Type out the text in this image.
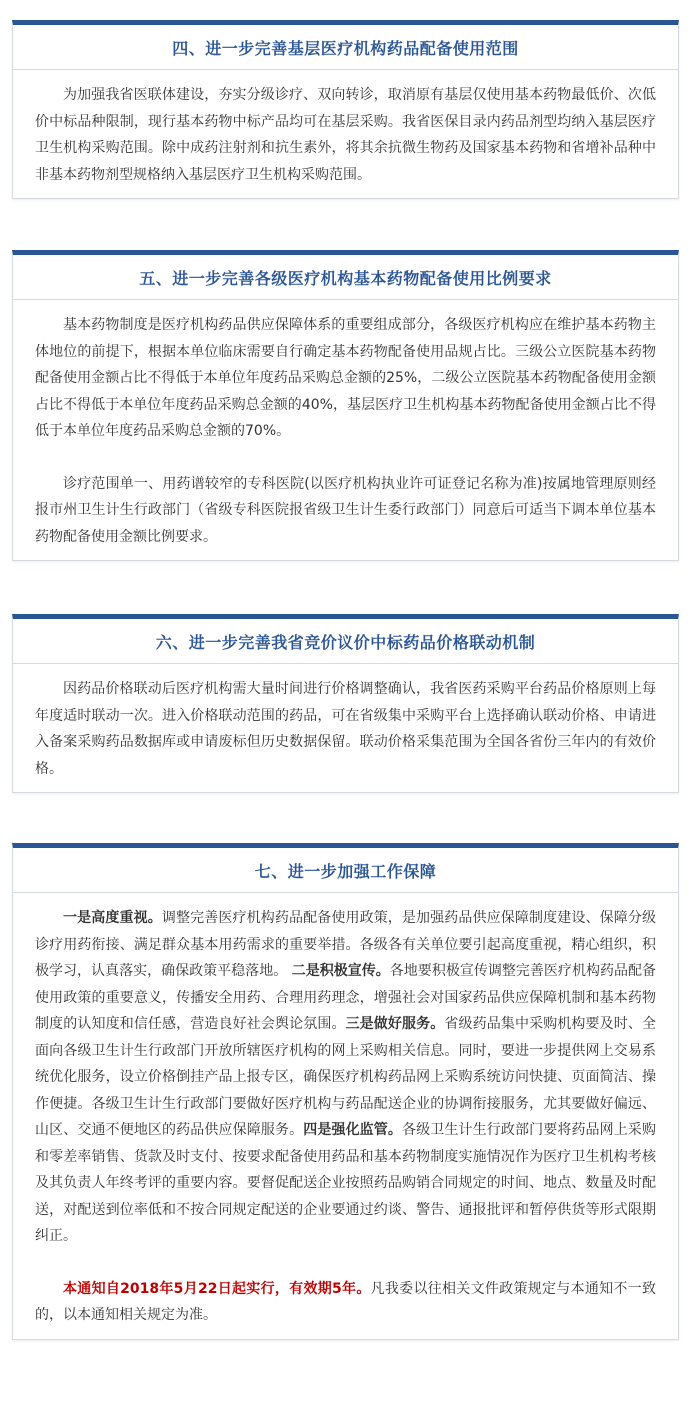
四、进一步完善基层医疗机构药品配备使用范围

为加强我省医联体建设，夯实分级诊疗、双向转诊，取消原有基层仅使用基本药物最低价、次低价中标品种限制，现行基本药物中标产品均可在基层采购。我省医保目录内药品剂型均纳入基层医疗卫生机构采购范围。除中成药注射剂和抗生素外，将其余抗微生物药及国家基本药物和省增补品种中非基本药物剂型规格纳入基层医疗卫生机构采购范围。

五、进一步完善各级医疗机构基本药物配备使用比例要求

基本药物制度是医疗机构药品供应保障体系的重要组成部分，各级医疗机构应在维护基本药物主体地位的前提下，根据本单位临床需要自行确定基本药物配备使用品规占比。三级公立医院基本药物配备使用金额占比不得低于本单位年度药品采购总金额的25%，二级公立医院基本药物配备使用金额占比不得低于本单位年度药品采购总金额的40%，基层医疗卫生机构基本药物配备使用金额占比不得低于本单位年度药品采购总金额的70%。

诊疗范围单一、用药谱较窄的专科医院(以医疗机构执业许可证登记名称为准)按属地管理原则经报市州卫生计生行政部门（省级专科医院报省级卫生计生委行政部门）同意后可适当下调本单位基本药物配备使用金额比例要求。

六、进一步完善我省竞价议价中标药品价格联动机制

因药品价格联动后医疗机构需大量时间进行价格调整确认，我省医药采购平台药品价格原则上每年度适时联动一次。进入价格联动范围的药品，可在省级集中采购平台上选择确认联动价格、申请进入备案采购药品数据库或申请废标但历史数据保留。联动价格采集范围为全国各省份三年内的有效价格。

七、进一步加强工作保障

一是高度重视。调整完善医疗机构药品配备使用政策，是加强药品供应保障制度建设、保障分级诊疗用药衔接、满足群众基本用药需求的重要举措。各级各有关单位要引起高度重视，精心组织，积极学习，认真落实，确保政策平稳落地。 二是积极宣传。各地要积极宣传调整完善医疗机构药品配备使用政策的重要意义，传播安全用药、合理用药理念，增强社会对国家药品供应保障机制和基本药物制度的认知度和信任感，营造良好社会舆论氛围。三是做好服务。省级药品集中采购机构要及时、全面向各级卫生计生行政部门开放所辖医疗机构的网上采购相关信息。同时，要进一步提供网上交易系统优化服务，设立价格倒挂产品上报专区，确保医疗机构药品网上采购系统访问快捷、页面简洁、操作便捷。各级卫生计生行政部门要做好医疗机构与药品配送企业的协调衔接服务，尤其要做好偏远、山区、交通不便地区的药品供应保障服务。四是强化监管。各级卫生计生行政部门要将药品网上采购和零差率销售、货款及时支付、按要求配备使用药品和基本药物制度实施情况作为医疗卫生机构考核及其负责人年终考评的重要内容。要督促配送企业按照药品购销合同规定的时间、地点、数量及时配送，对配送到位率低和不按合同规定配送的企业要通过约谈、警告、通报批评和暂停供货等形式限期纠正。

本通知自2018年5月22日起实行，有效期5年。凡我委以往相关文件政策规定与本通知不一致的，以本通知相关规定为准。
